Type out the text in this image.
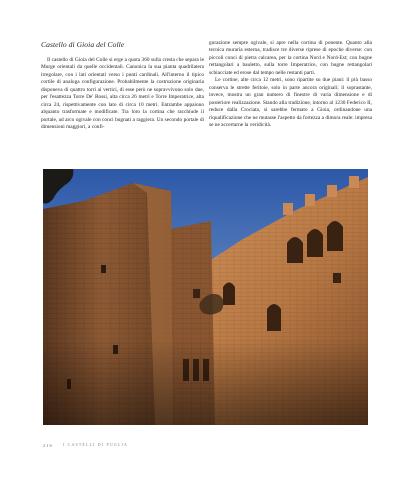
Castello di Gioia del Colle

Il castello di Gioia del Colle si erge a quota 360 sulla cresta che separa le Murge orientali da quelle occidentali. Canonica la sua pianta quadrilatera irregolare, con i lati orientati verso i punti cardinali. All'interno il tipico cortile di analoga configurazione. Probabilmente la costruzione originaria disponeva di quattro torri ai vertici, di esse però ne sopravvivono solo due, per l'esattezza Torre De' Rossi, alta circa 26 metri e Torre Imperatrice, alta circa 24, rispettivamente con lato di circa 10 metri. Entrambe appaiono alquanto trasformate e modificate. Tra loro la cortina che racchiude il portale, ad arco ogivale con conci bugnati a raggiera. Un secondo portale di dimensioni maggiori, a confi-

gurazione sempre ogivale, si apre nella cortina di ponente. Quanto alla tecnica muraria esterna, tradisce tre diverse riprese di epoche diverse: con piccoli conci di pietra calcarea, per la cortina Nord e Nord-Est; con bugne rettangolari a bauletto, sulla torre Imperatrice, con bugne rettangolari schiacciate ed erose dal tempo nelle restanti parti.

Le cortine, alte circa 12 metri, sono ripartite su due piani: il più basso conserva le strette feritoie, solo in parte ancora originali; il soprastante, invece, mostra un gran numero di finestre di varia dimensione e di posteriore realizzazione. Stando alla tradizione, intorno al 1230 Federico II, reduce dalla Crociata, si sarebbe fermato a Gioia, ordinandone una riqualificazione che ne mutasse l'aspetto da fortezza a dimora reale: impresa se ne accertarne la veridicità.

216	I CASTELLI DI PUGLIA
